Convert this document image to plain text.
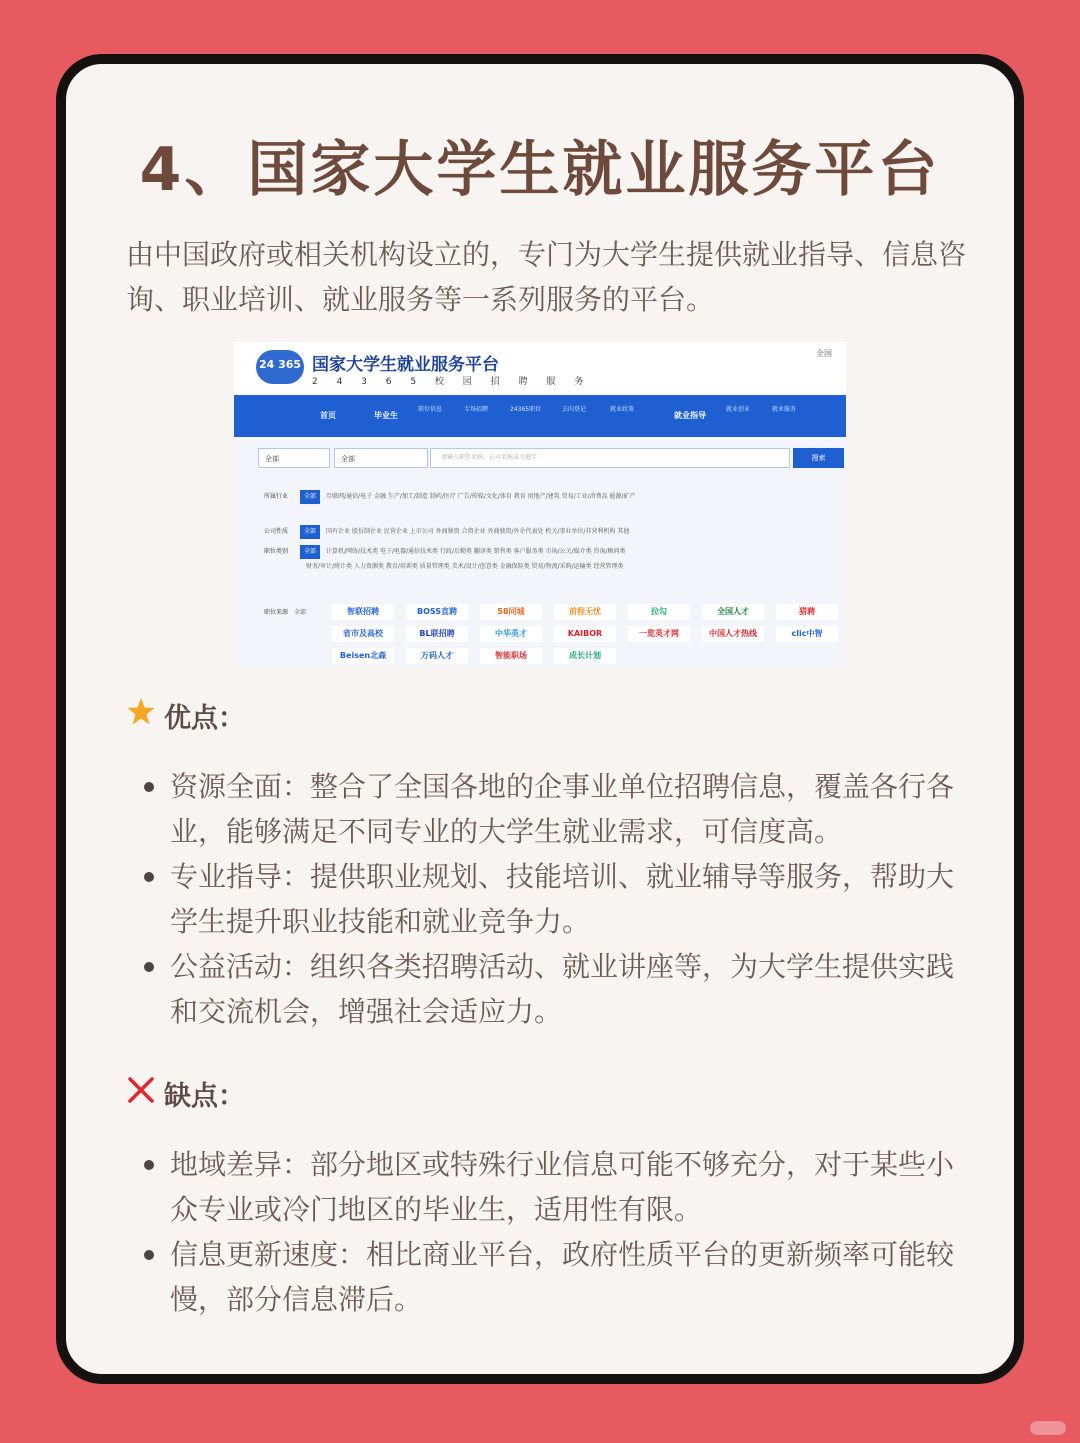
4、国家大学生就业服务平台
由中国政府或相关机构设立的，专门为大学生提供就业指导、信息咨询、职业培训、就业服务等一系列服务的平台。
24 365 国家大学生就业服务平台
2 4 3 6 5 校 园 招 聘 服 务
全国
首页	毕业生
职位信息	专场招聘	24365职位	去向登记	就业政策
就业指导
就业创业	就业服务
全部	全部	请输入职位名称、公司名称或关键字	搜索
所属行业	全部 互联网/通信/电子 金融 生产/加工/制造 制药/医疗 广告/传媒/文化/体育 教育 房地产/建筑 贸易/工业/消费品 能源/矿产
公司性质	全部 国有企业 股份制企业 民营企业 上市公司 外商独资 合资企业 外商独资/外企代表处 机关/事业单位/非营利机构 其他
职位类别	全部 计算机/网络/技术类 电子/电器/通信技术类 行政/后勤类 翻译类 销售类 客户服务类 市场/公关/媒介类 咨询/顾问类
财务/审计/统计类 人力资源类 教育/培训类 质量管理类 美术/设计/创意类 金融保险类 贸易/物流/采购/运输类 经营管理类
职位来源 全部	智联招聘	BOSS直聘	58同城	前程无忧	拉勾	全国人才	猎聘
省市及高校	BL联招聘	中华英才	KAIBOR	一览英才网	中国人才热线	clic中智
Beisen北森	万码人才	智能职场	成长计划
优点：
资源全面：整合了全国各地的企事业单位招聘信息，覆盖各行各业，能够满足不同专业的大学生就业需求，可信度高。
专业指导：提供职业规划、技能培训、就业辅导等服务，帮助大学生提升职业技能和就业竞争力。
公益活动：组织各类招聘活动、就业讲座等，为大学生提供实践和交流机会，增强社会适应力。
缺点：
地域差异：部分地区或特殊行业信息可能不够充分，对于某些小众专业或冷门地区的毕业生，适用性有限。
信息更新速度：相比商业平台，政府性质平台的更新频率可能较慢，部分信息滞后。
